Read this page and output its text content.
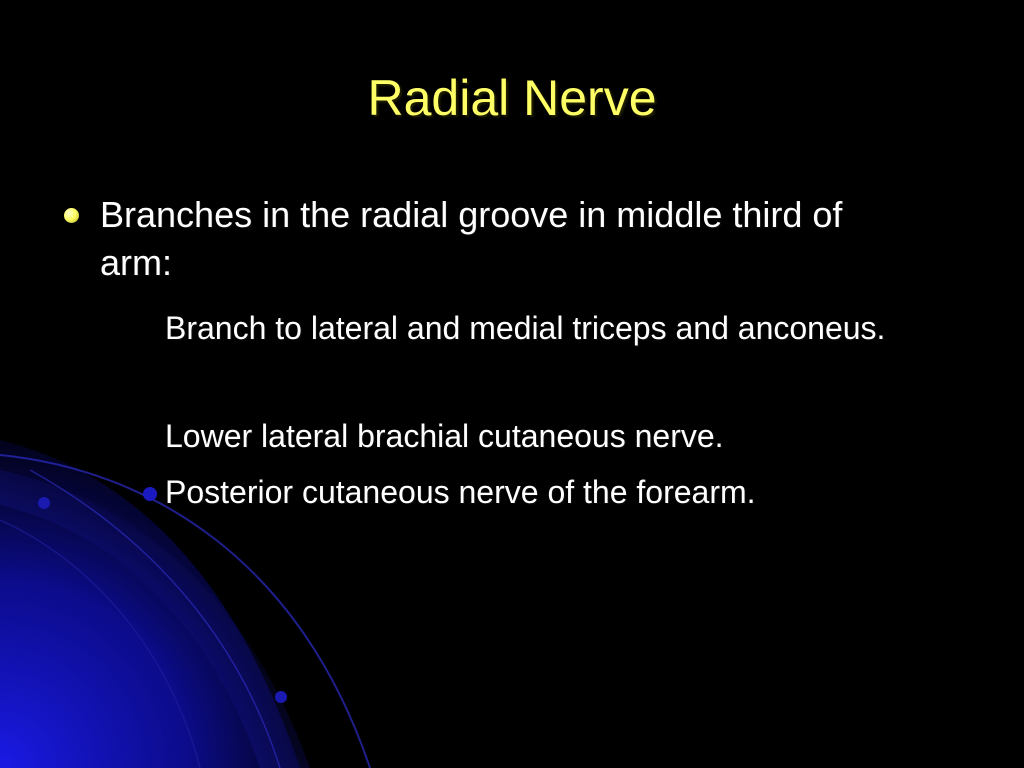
Radial Nerve
Branches in the radial groove in middle third of arm:
Branch to lateral and medial triceps and anconeus.
Lower lateral brachial cutaneous nerve.
Posterior cutaneous nerve of the forearm.
